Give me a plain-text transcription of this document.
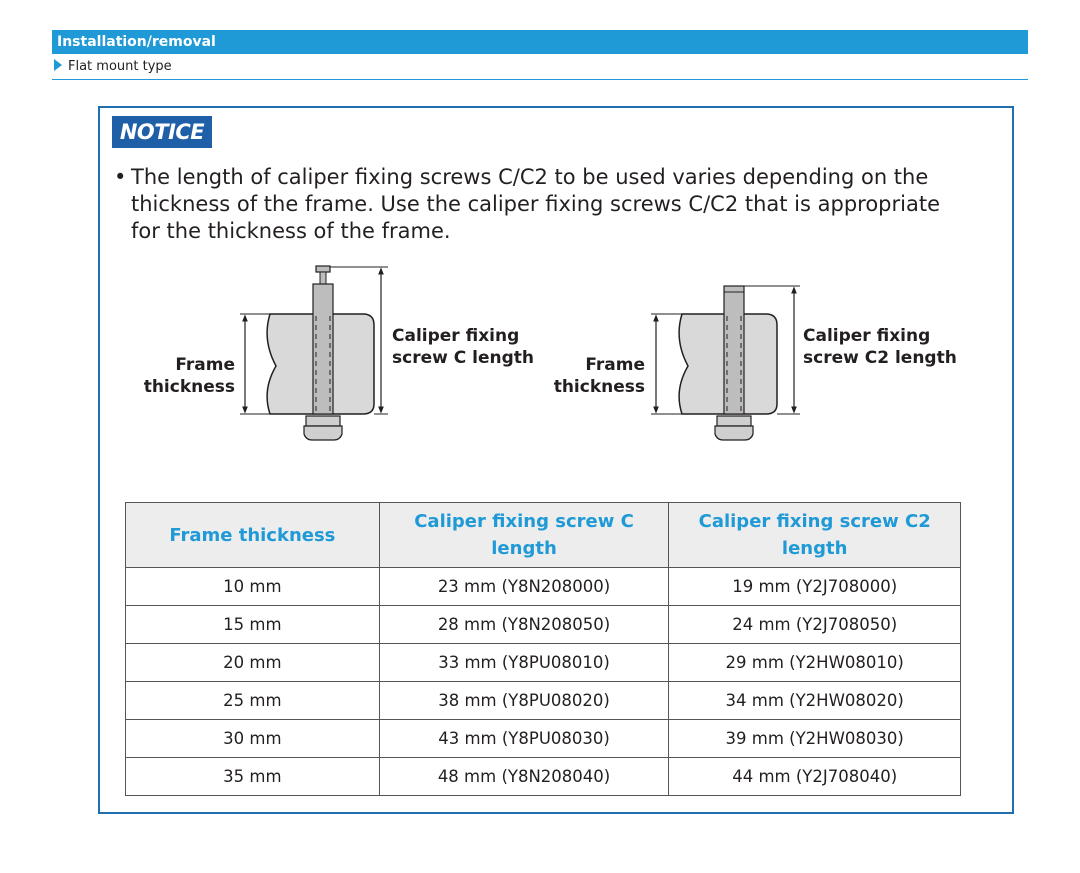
Installation/removal
Flat mount type
NOTICE
• The length of caliper fixing screws C/C2 to be used varies depending on the thickness of the frame. Use the caliper fixing screws C/C2 that is appropriate for the thickness of the frame.
Frame
thickness
Caliper fixing
screw C length	Frame
thickness
Caliper fixing
screw C2 length
Frame thickness	Caliper fixing screw C length	Caliper fixing screw C2 length
10 mm	23 mm (Y8N208000)	19 mm (Y2J708000)
15 mm	28 mm (Y8N208050)	24 mm (Y2J708050)
20 mm	33 mm (Y8PU08010)	29 mm (Y2HW08010)
25 mm	38 mm (Y8PU08020)	34 mm (Y2HW08020)
30 mm	43 mm (Y8PU08030)	39 mm (Y2HW08030)
35 mm	48 mm (Y8N208040)	44 mm (Y2J708040)
